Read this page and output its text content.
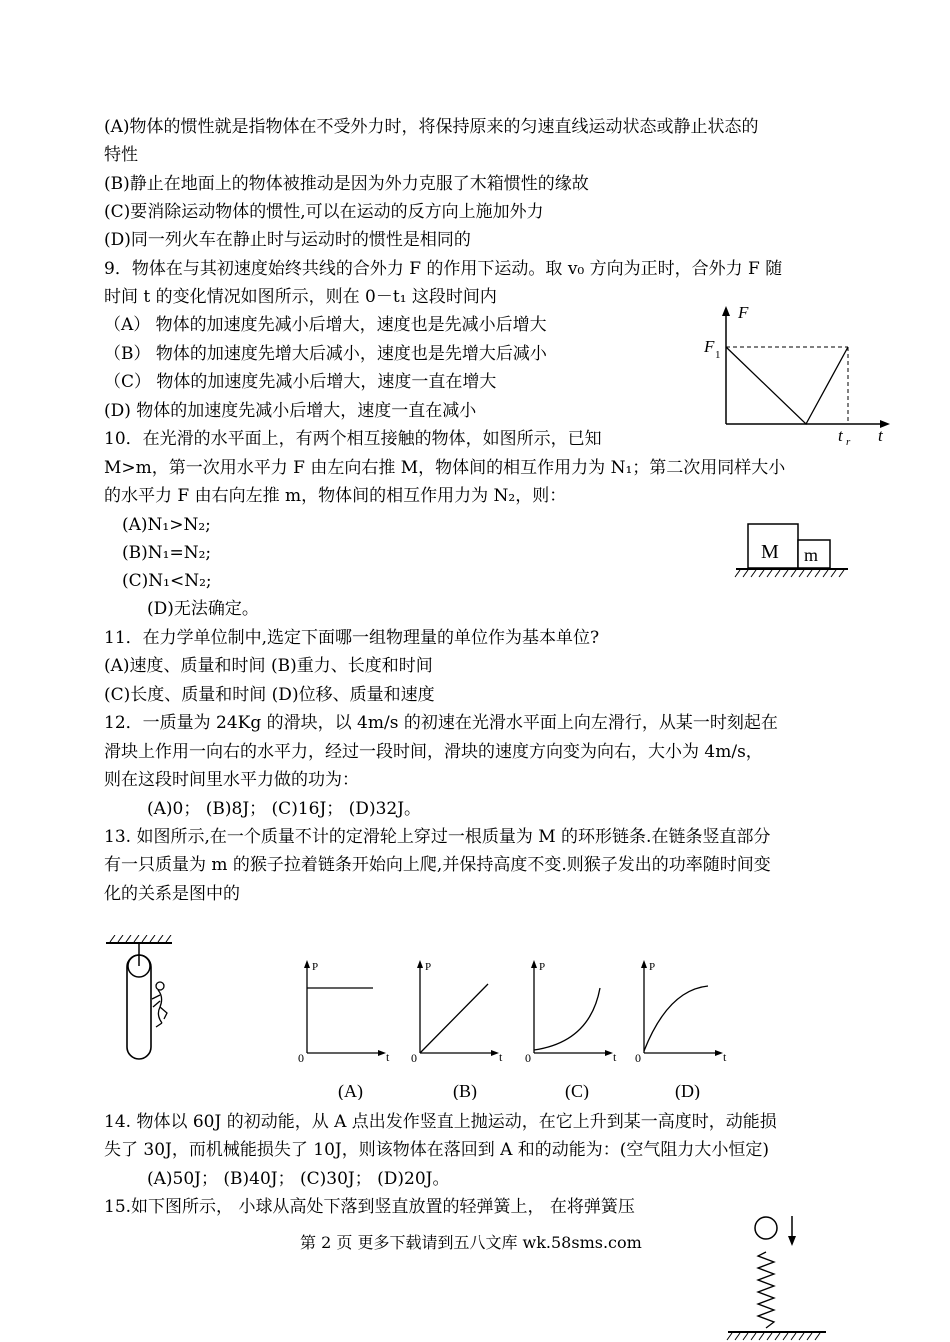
(A)物体的惯性就是指物体在不受外力时，将保持原来的匀速直线运动状态或静止状态的
特性
(B)静止在地面上的物体被推动是因为外力克服了木箱惯性的缘故
(C)要消除运动物体的惯性,可以在运动的反方向上施加外力
(D)同一列火车在静止时与运动时的惯性是相同的
9．物体在与其初速度始终共线的合外力 F 的作用下运动。取 v₀ 方向为正时，合外力 F 随
时间 t 的变化情况如图所示，则在 0－t₁ 这段时间内
（A） 物体的加速度先减小后增大，速度也是先减小后增大
（B） 物体的加速度先增大后减小，速度也是先增大后减小
（C） 物体的加速度先减小后增大，速度一直在增大
(D) 物体的加速度先减小后增大，速度一直在减小
F
F 1
t r t
10．在光滑的水平面上，有两个相互接触的物体，如图所示，已知
M>m，第一次用水平力 F 由左向右推 M，物体间的相互作用力为 N₁；第二次用同样大小
的水平力 F 由右向左推 m，物体间的相互作用力为 N₂，则：
(A)N₁>N₂;
(B)N₁=N₂;
(C)N₁<N₂;
(D)无法确定。
M m
11．在力学单位制中,选定下面哪一组物理量的单位作为基本单位?
(A)速度、质量和时间 (B)重力、长度和时间
(C)长度、质量和时间 (D)位移、质量和速度
12．一质量为 24Kg 的滑块，以 4m/s 的初速在光滑水平面上向左滑行，从某一时刻起在
滑块上作用一向右的水平力，经过一段时间，滑块的速度方向变为向右，大小为 4m/s，
则在这段时间里水平力做的功为：
(A)0； (B)8J； (C)16J； (D)32J。
13. 如图所示,在一个质量不计的定滑轮上穿过一根质量为 M 的环形链条.在链条竖直部分
有一只质量为 m 的猴子拉着链条开始向上爬,并保持高度不变.则猴子发出的功率随时间变
化的关系是图中的
P
0	t
(A)
P
0	t
(B)
P
0	t
(C)
P
0	t
(D)
14. 物体以 60J 的初动能，从 A 点出发作竖直上抛运动，在它上升到某一高度时，动能损
失了 30J，而机械能损失了 10J，则该物体在落回到 A 和的动能为：(空气阻力大小恒定)
(A)50J； (B)40J； (C)30J； (D)20J。
15.如下图所示， 小球从高处下落到竖直放置的轻弹簧上， 在将弹簧压
第 2 页 更多下载请到五八文库 wk.58sms.com
